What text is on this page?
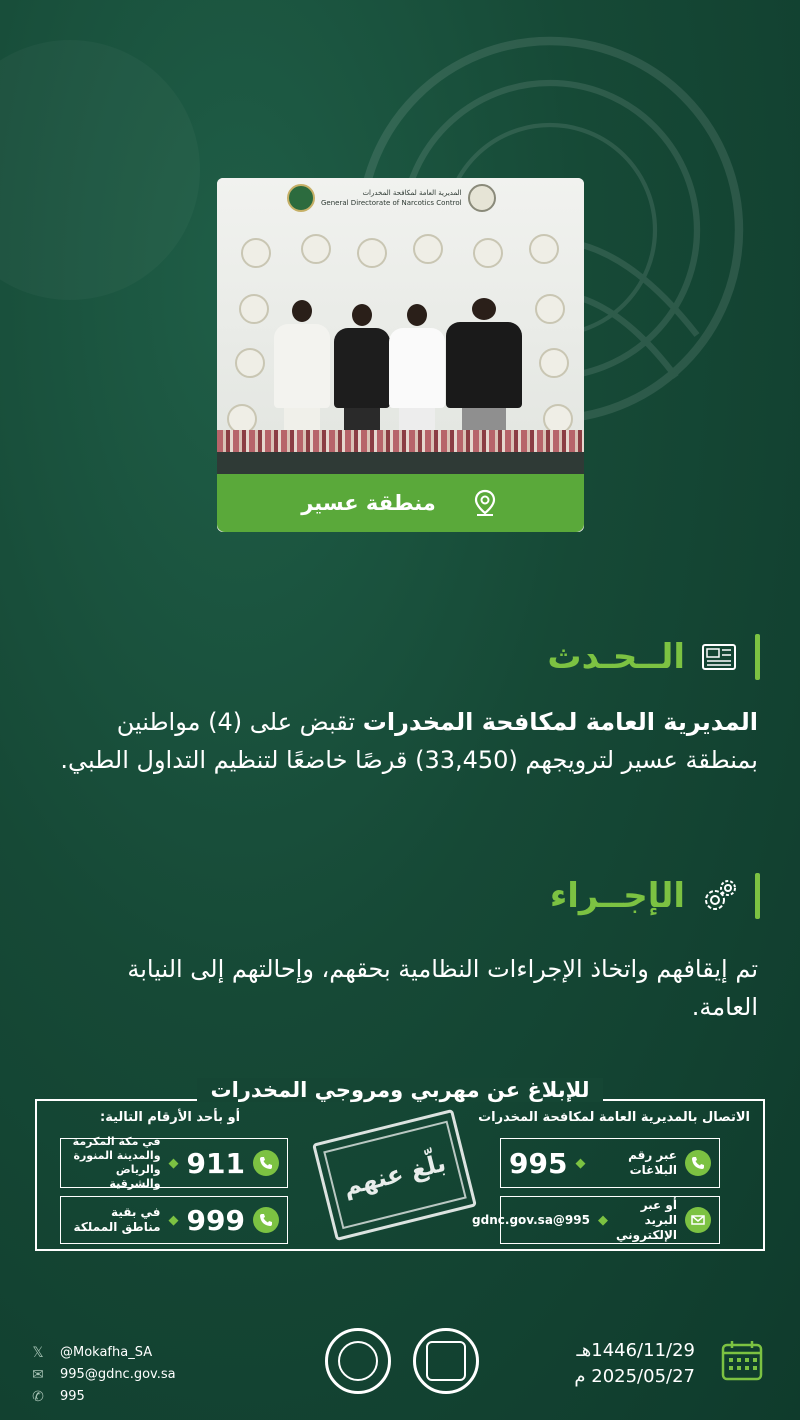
المديرية العامة لمكافحة المخدرات
General Directorate of Narcotics Control
منطقة عسير
الــحـدث
المديرية العامة لمكافحة المخدرات تقبض على (4) مواطنين بمنطقة عسير لترويجهم (33,450) قرصًا خاضعًا لتنظيم التداول الطبي.
الإجــراء
تم إيقافهم واتخاذ الإجراءات النظامية بحقهم، وإحالتهم إلى النيابة العامة.
للإبلاغ عن مهربي ومروجي المخدرات
الاتصال بالمديرية العامة لمكافحة المخدرات
أو بأحد الأرقام التالية:
عبر رقم البلاغات
◆
995
أو عبر البريد الإلكتروني
◆
995@gdnc.gov.sa
911
◆
في مكة المكرمة والمدينة المنورة والرياض والشرقية
999
◆
في بقية مناطق المملكة
بلّغ عنهم
𝕏 @Mokafha_SA
✉ 995@gdnc.gov.sa
✆ 995
1446/11/29هـ
2025/05/27 م
